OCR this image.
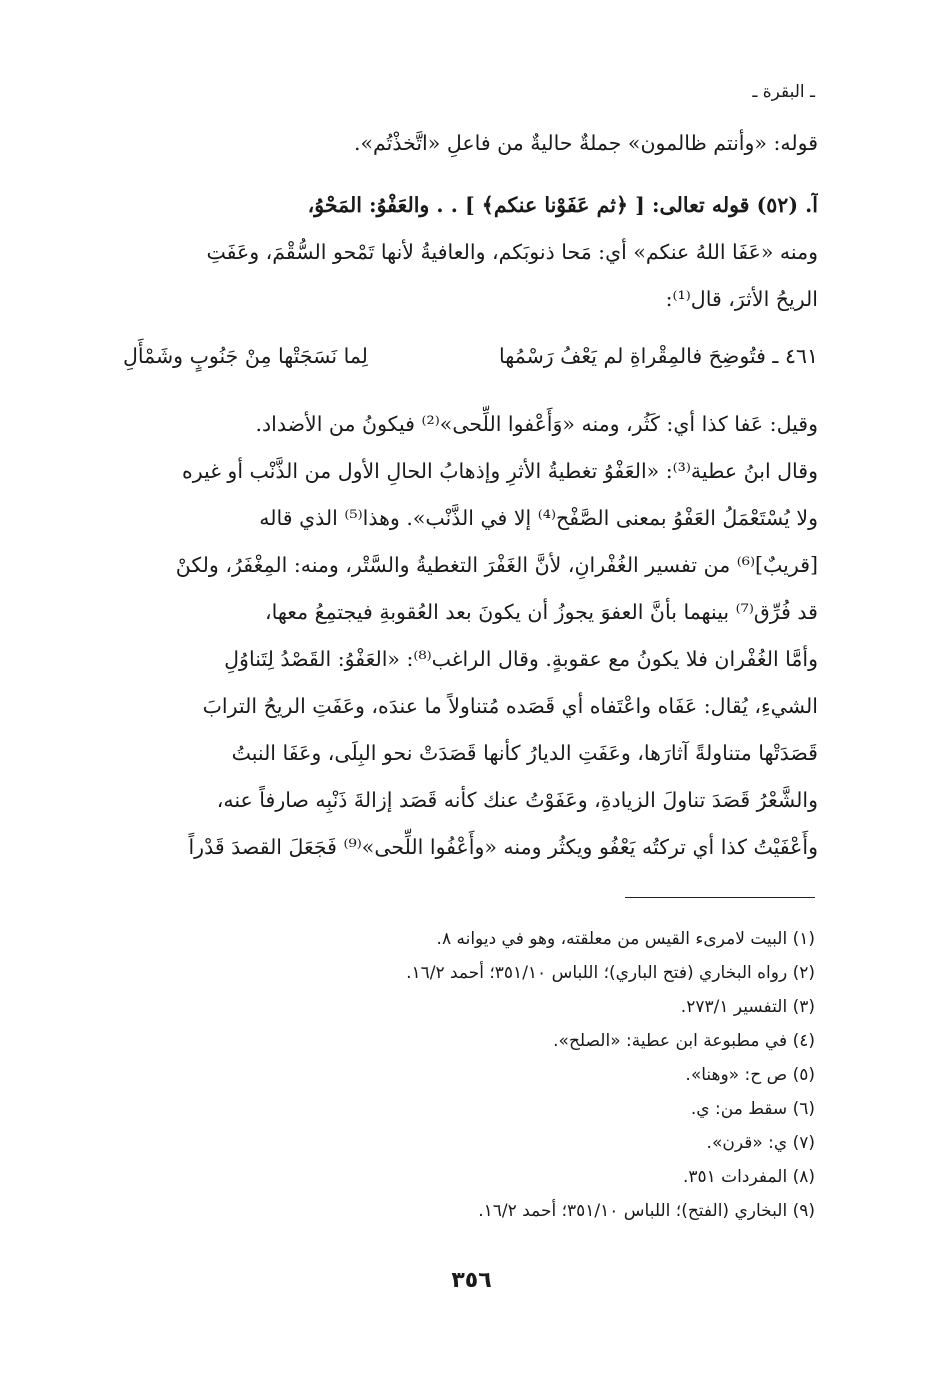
ـ البقرة ـ
قوله: «وأنتم ظالمون» جملةٌ حاليةٌ من فاعلِ «اتَّخذْتُم».
آ. (٥٢) قوله تعالى: [ ﴿ثم عَفَوْنا عنكم﴾ ] . . والعَفْوُ: المَحْوُ،
ومنه «عَفَا اللهُ عنكم» أي: مَحا ذنوبَكم، والعافيةُ لأنها تَمْحو السُّقْمَ، وعَفَتِ
الريحُ الأثرَ، قال⁽¹⁾:
٤٦١ ـ فتُوضِحَ فالمِقْراةِ لم يَعْفُ رَسْمُها
لِما نَسَجَتْها مِنْ جَنُوبٍ وشَمْأَلِ
وقيل: عَفا كذا أي: كَثُر، ومنه «وَأَعْفوا اللِّحى»⁽²⁾ فيكونُ من الأضداد.
وقال ابنُ عطية⁽³⁾: «العَفْوُ تغطيةُ الأثرِ وإذهابُ الحالِ الأول من الذَّنْب أو غيره
ولا يُسْتَعْمَلُ العَفْوُ بمعنى الصَّفْح⁽⁴⁾ إلا في الذَّنْب». وهذا⁽⁵⁾ الذي قاله
[قريبٌ]⁽⁶⁾ من تفسير الغُفْرانِ، لأنَّ الغَفْرَ التغطيةُ والسَّتْر، ومنه: المِغْفَرُ، ولكنْ
قد فُرِّق⁽⁷⁾ بينهما بأنَّ العفوَ يجوزُ أن يكونَ بعد العُقوبةِ فيجتمِعُ معها،
وأمَّا الغُفْران فلا يكونُ مع عقوبةٍ. وقال الراغب⁽⁸⁾: «العَفْوُ: القَصْدُ لِتَناوُلِ
الشيءِ، يُقال: عَفَاه واعْتَفاه أي قَصَده مُتناولاً ما عندَه، وعَفَتِ الريحُ الترابَ
قَصَدَتْها متناولةً آثارَها، وعَفَتِ الديارُ كأنها قَصَدَتْ نحو البِلَى، وعَفَا النبتُ
والشَّعْرُ قَصَدَ تناولَ الزيادةِ، وعَفَوْتُ عنك كأنه قَصَد إزالةَ ذَنْبِه صارفاً عنه،
وأَعْفَيْتُ كذا أي تركتُه يَعْفُو ويكثُر ومنه «وأَعْفُوا اللِّحى»⁽⁹⁾ فَجَعَلَ القصدَ قَدْراً
(١) البيت لامرىء القيس من معلقته، وهو في ديوانه ٨.
(٢) رواه البخاري (فتح الباري)؛ اللباس ٣٥١/١٠؛ أحمد ١٦/٢.
(٣) التفسير ٢٧٣/١.
(٤) في مطبوعة ابن عطية: «الصلح».
(٥) ص ح: «وهنا».
(٦) سقط من: ي.
(٧) ي: «قرن».
(٨) المفردات ٣٥١.
(٩) البخاري (الفتح)؛ اللباس ٣٥١/١٠؛ أحمد ١٦/٢.
٣٥٦
